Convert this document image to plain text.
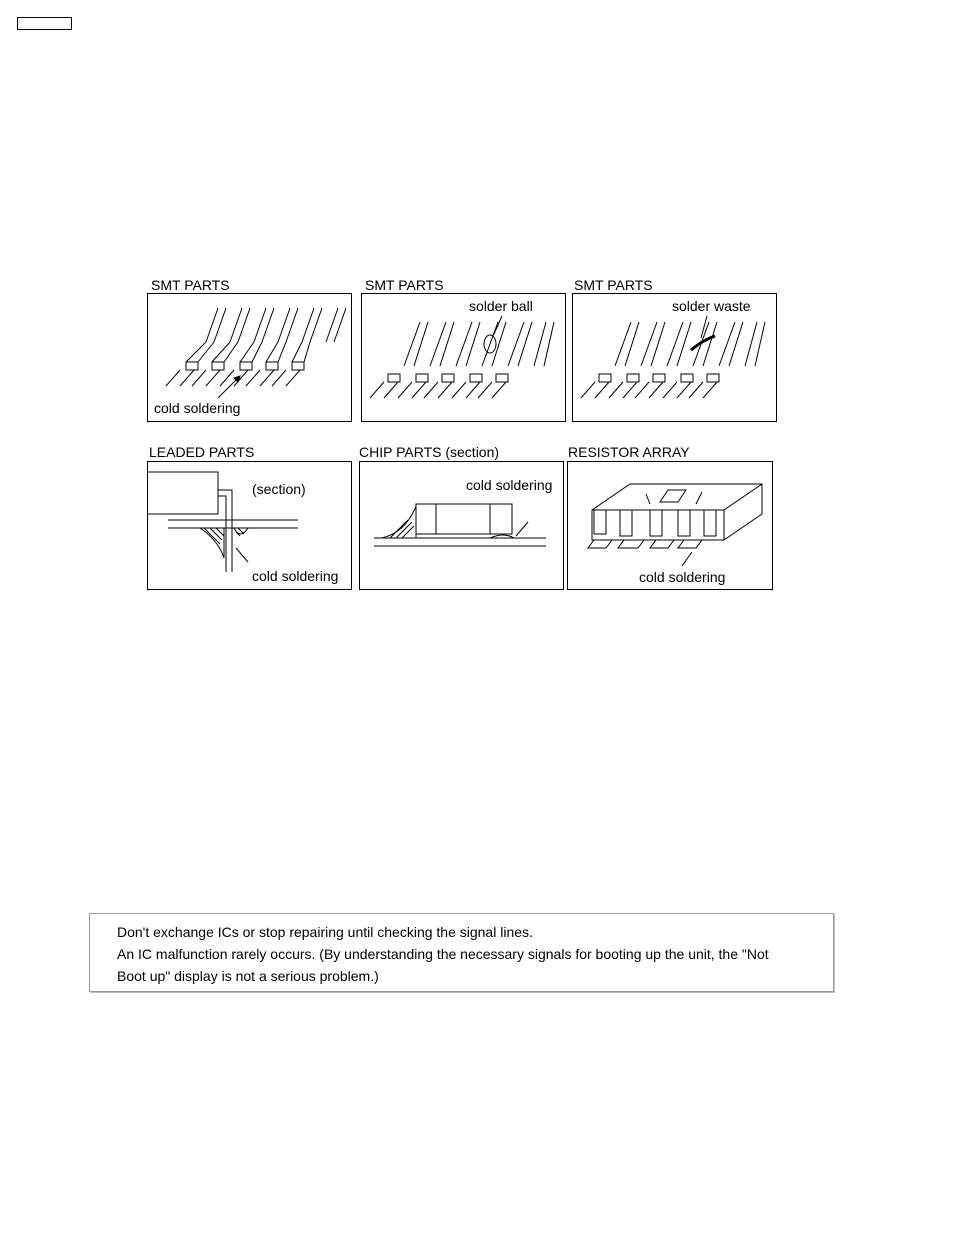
SMT PARTS
cold soldering
SMT PARTS
solder ball
SMT PARTS
solder waste
LEADED PARTS
(section)
cold soldering
CHIP PARTS (section)
cold soldering
RESISTOR ARRAY
cold soldering
Don't exchange ICs or stop repairing until checking the signal lines.
An IC malfunction rarely occurs. (By understanding the necessary signals for booting up the unit, the "Not
Boot up" display is not a serious problem.)
